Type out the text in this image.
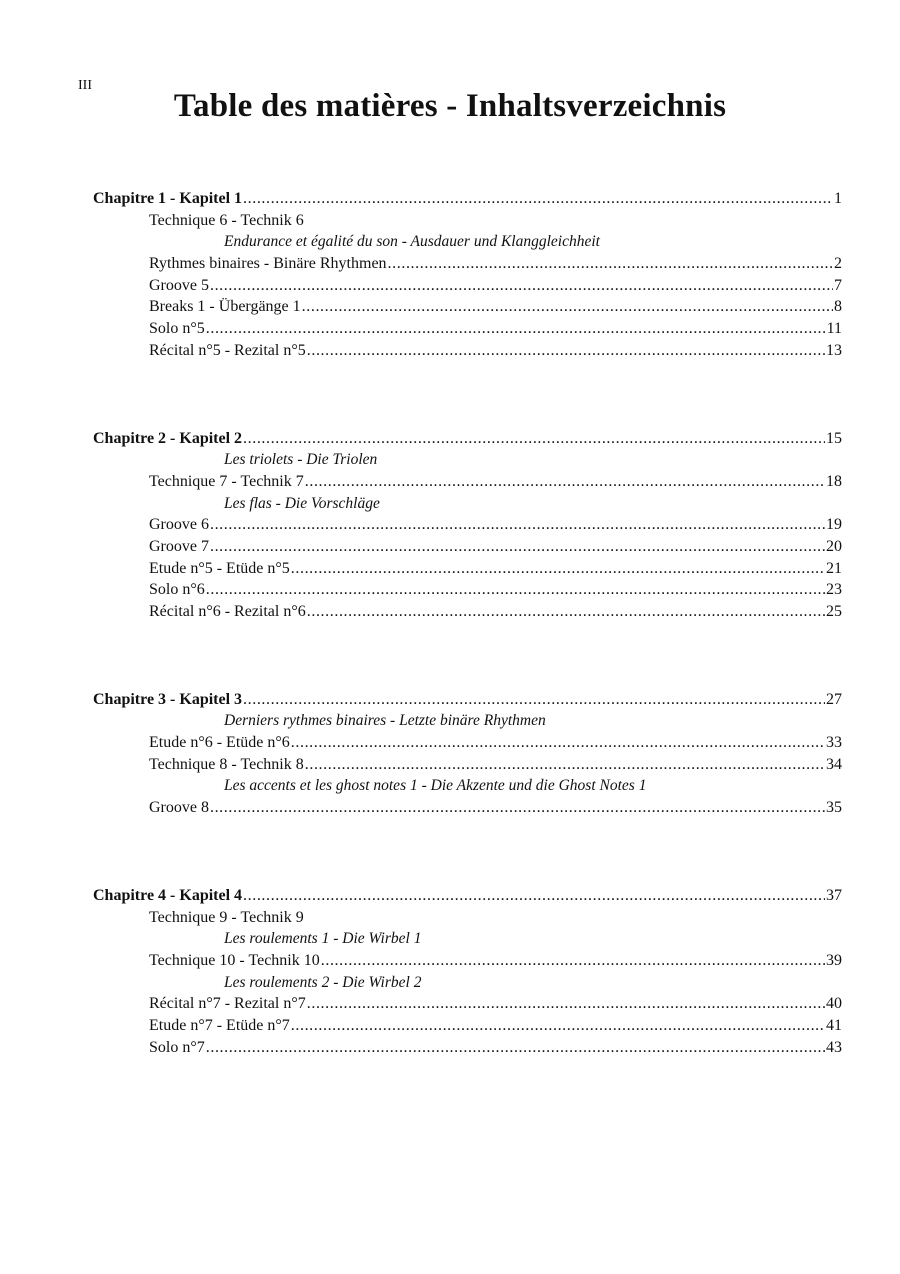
III
Table des matières - Inhaltsverzeichnis
Chapitre 1 - Kapitel 1 .....	1
Technique 6 - Technik 6
Endurance et égalité du son - Ausdauer und Klanggleichheit
Rythmes binaires - Binäre Rhythmen .....	2
Groove 5 .....	7
Breaks 1 - Übergänge 1 .....	8
Solo n°5 .....	11
Récital n°5 - Rezital n°5 .....	13
Chapitre 2 - Kapitel 2 .....	15
Les triolets - Die Triolen
Technique 7 - Technik 7 .....	18
Les flas - Die Vorschläge
Groove 6 .....	19
Groove 7 .....	20
Etude n°5 - Etüde n°5 .....	21
Solo n°6 .....	23
Récital n°6 - Rezital n°6 .....	25
Chapitre 3 - Kapitel 3 .....	27
Derniers rythmes binaires - Letzte binäre Rhythmen
Etude n°6 - Etüde n°6 .....	33
Technique 8 - Technik 8 .....	34
Les accents et les ghost notes 1 - Die Akzente und die Ghost Notes 1
Groove 8 .....	35
Chapitre 4 - Kapitel 4 .....	37
Technique 9 - Technik 9
Les roulements 1 - Die Wirbel 1
Technique 10 - Technik 10 .....	39
Les roulements 2 - Die Wirbel 2
Récital n°7 - Rezital n°7 .....	40
Etude n°7 - Etüde n°7 .....	41
Solo n°7 .....	43
